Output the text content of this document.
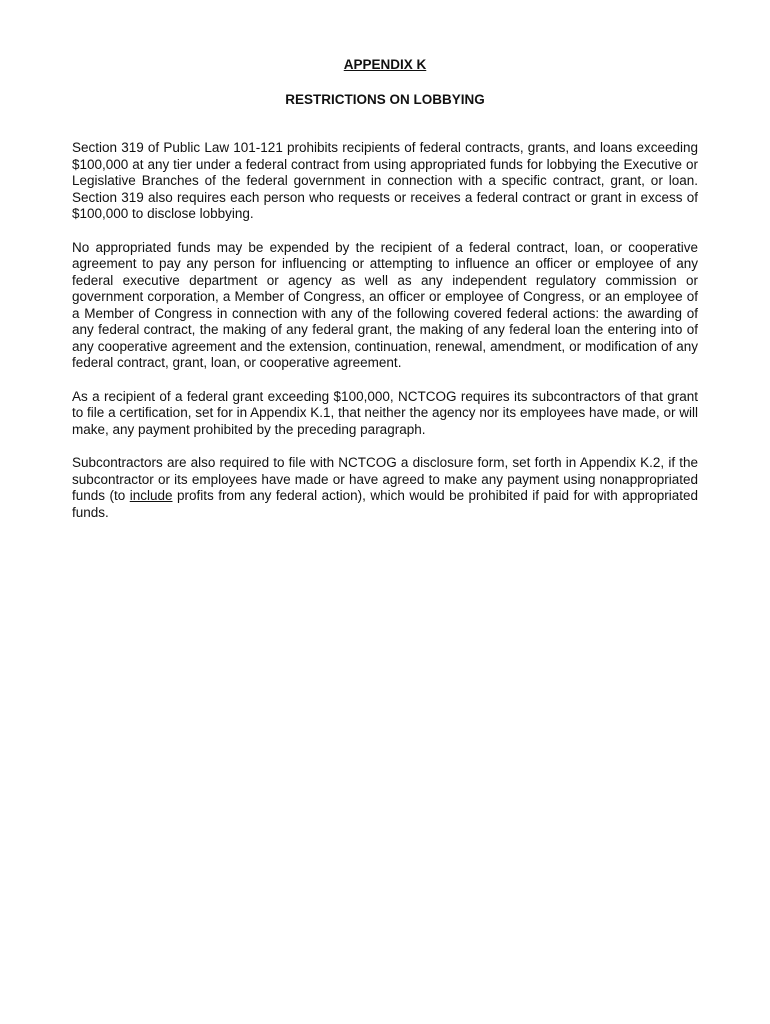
APPENDIX K
RESTRICTIONS ON LOBBYING

Section 319 of Public Law 101-121 prohibits recipients of federal contracts, grants, and loans exceeding $100,000 at any tier under a federal contract from using appropriated funds for lobbying the Executive or Legislative Branches of the federal government in connection with a specific contract, grant, or loan. Section 319 also requires each person who requests or receives a federal contract or grant in excess of $100,000 to disclose lobbying.

No appropriated funds may be expended by the recipient of a federal contract, loan, or cooperative agreement to pay any person for influencing or attempting to influence an officer or employee of any federal executive department or agency as well as any independent regulatory commission or government corporation, a Member of Congress, an officer or employee of Congress, or an employee of a Member of Congress in connection with any of the following covered federal actions: the awarding of any federal contract, the making of any federal grant, the making of any federal loan the entering into of any cooperative agreement and the extension, continuation, renewal, amendment, or modification of any federal contract, grant, loan, or cooperative agreement.

As a recipient of a federal grant exceeding $100,000, NCTCOG requires its subcontractors of that grant to file a certification, set for in Appendix K.1, that neither the agency nor its employees have made, or will make, any payment prohibited by the preceding paragraph.

Subcontractors are also required to file with NCTCOG a disclosure form, set forth in Appendix K.2, if the subcontractor or its employees have made or have agreed to make any payment using nonappropriated funds (to include profits from any federal action), which would be prohibited if paid for with appropriated funds.
